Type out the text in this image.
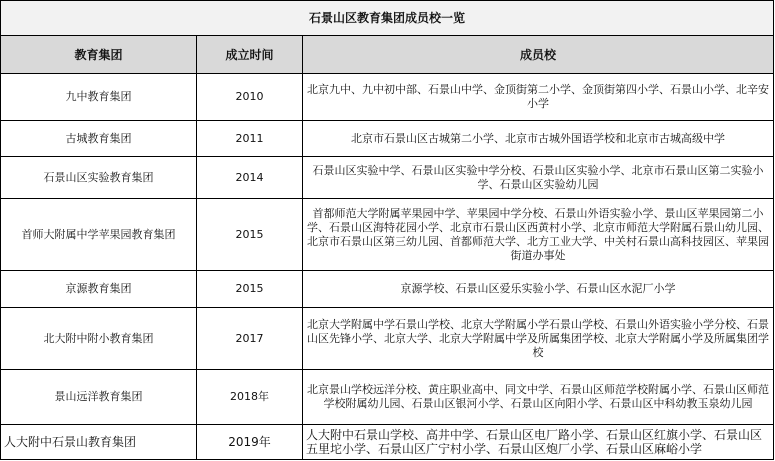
石景山区教育集团成员校一览		
教育集团	成立时间	成员校
九中教育集团	2010	北京九中、九中初中部、石景山中学、金顶街第二小学、金顶街第四小学、石景山小学、北辛安小学
古城教育集团	2011	北京市石景山区古城第二小学、北京市古城外国语学校和北京市古城高级中学
石景山区实验教育集团	2014	石景山区实验中学、石景山区实验中学分校、石景山区实验小学、北京市石景山区第二实验小学、石景山区实验幼儿园
首师大附属中学苹果园教育集团	2015	首都师范大学附属苹果园中学、苹果园中学分校、石景山外语实验小学、景山区苹果园第二小学、石景山区海特花园小学、北京市石景山区西黄村小学、北京市师范大学附属石景山幼儿园、北京市石景山区第三幼儿园、首都师范大学、北方工业大学、中关村石景山高科技园区、苹果园街道办事处
京源教育集团	2015	京源学校、石景山区爱乐实验小学、石景山区水泥厂小学
北大附中附小教育集团	2017	北京大学附属中学石景山学校、北京大学附属小学石景山学校、石景山外语实验小学分校、石景山区先锋小学、北京大学、北京大学附属中学及所属集团学校、北京大学附属小学及所属集团学校
景山远洋教育集团	2018年	北京景山学校远洋分校、黄庄职业高中、同文中学、石景山区师范学校附属小学、石景山区师范学校附属幼儿园、石景山区银河小学、石景山区向阳小学、石景山区中科幼教玉泉幼儿园
人大附中石景山教育集团	2019年	人大附中石景山学校、高井中学、石景山区电厂路小学、石景山区红旗小学、石景山区五里坨小学、石景山区广宁村小学、石景山区炮厂小学、石景山区麻峪小学
